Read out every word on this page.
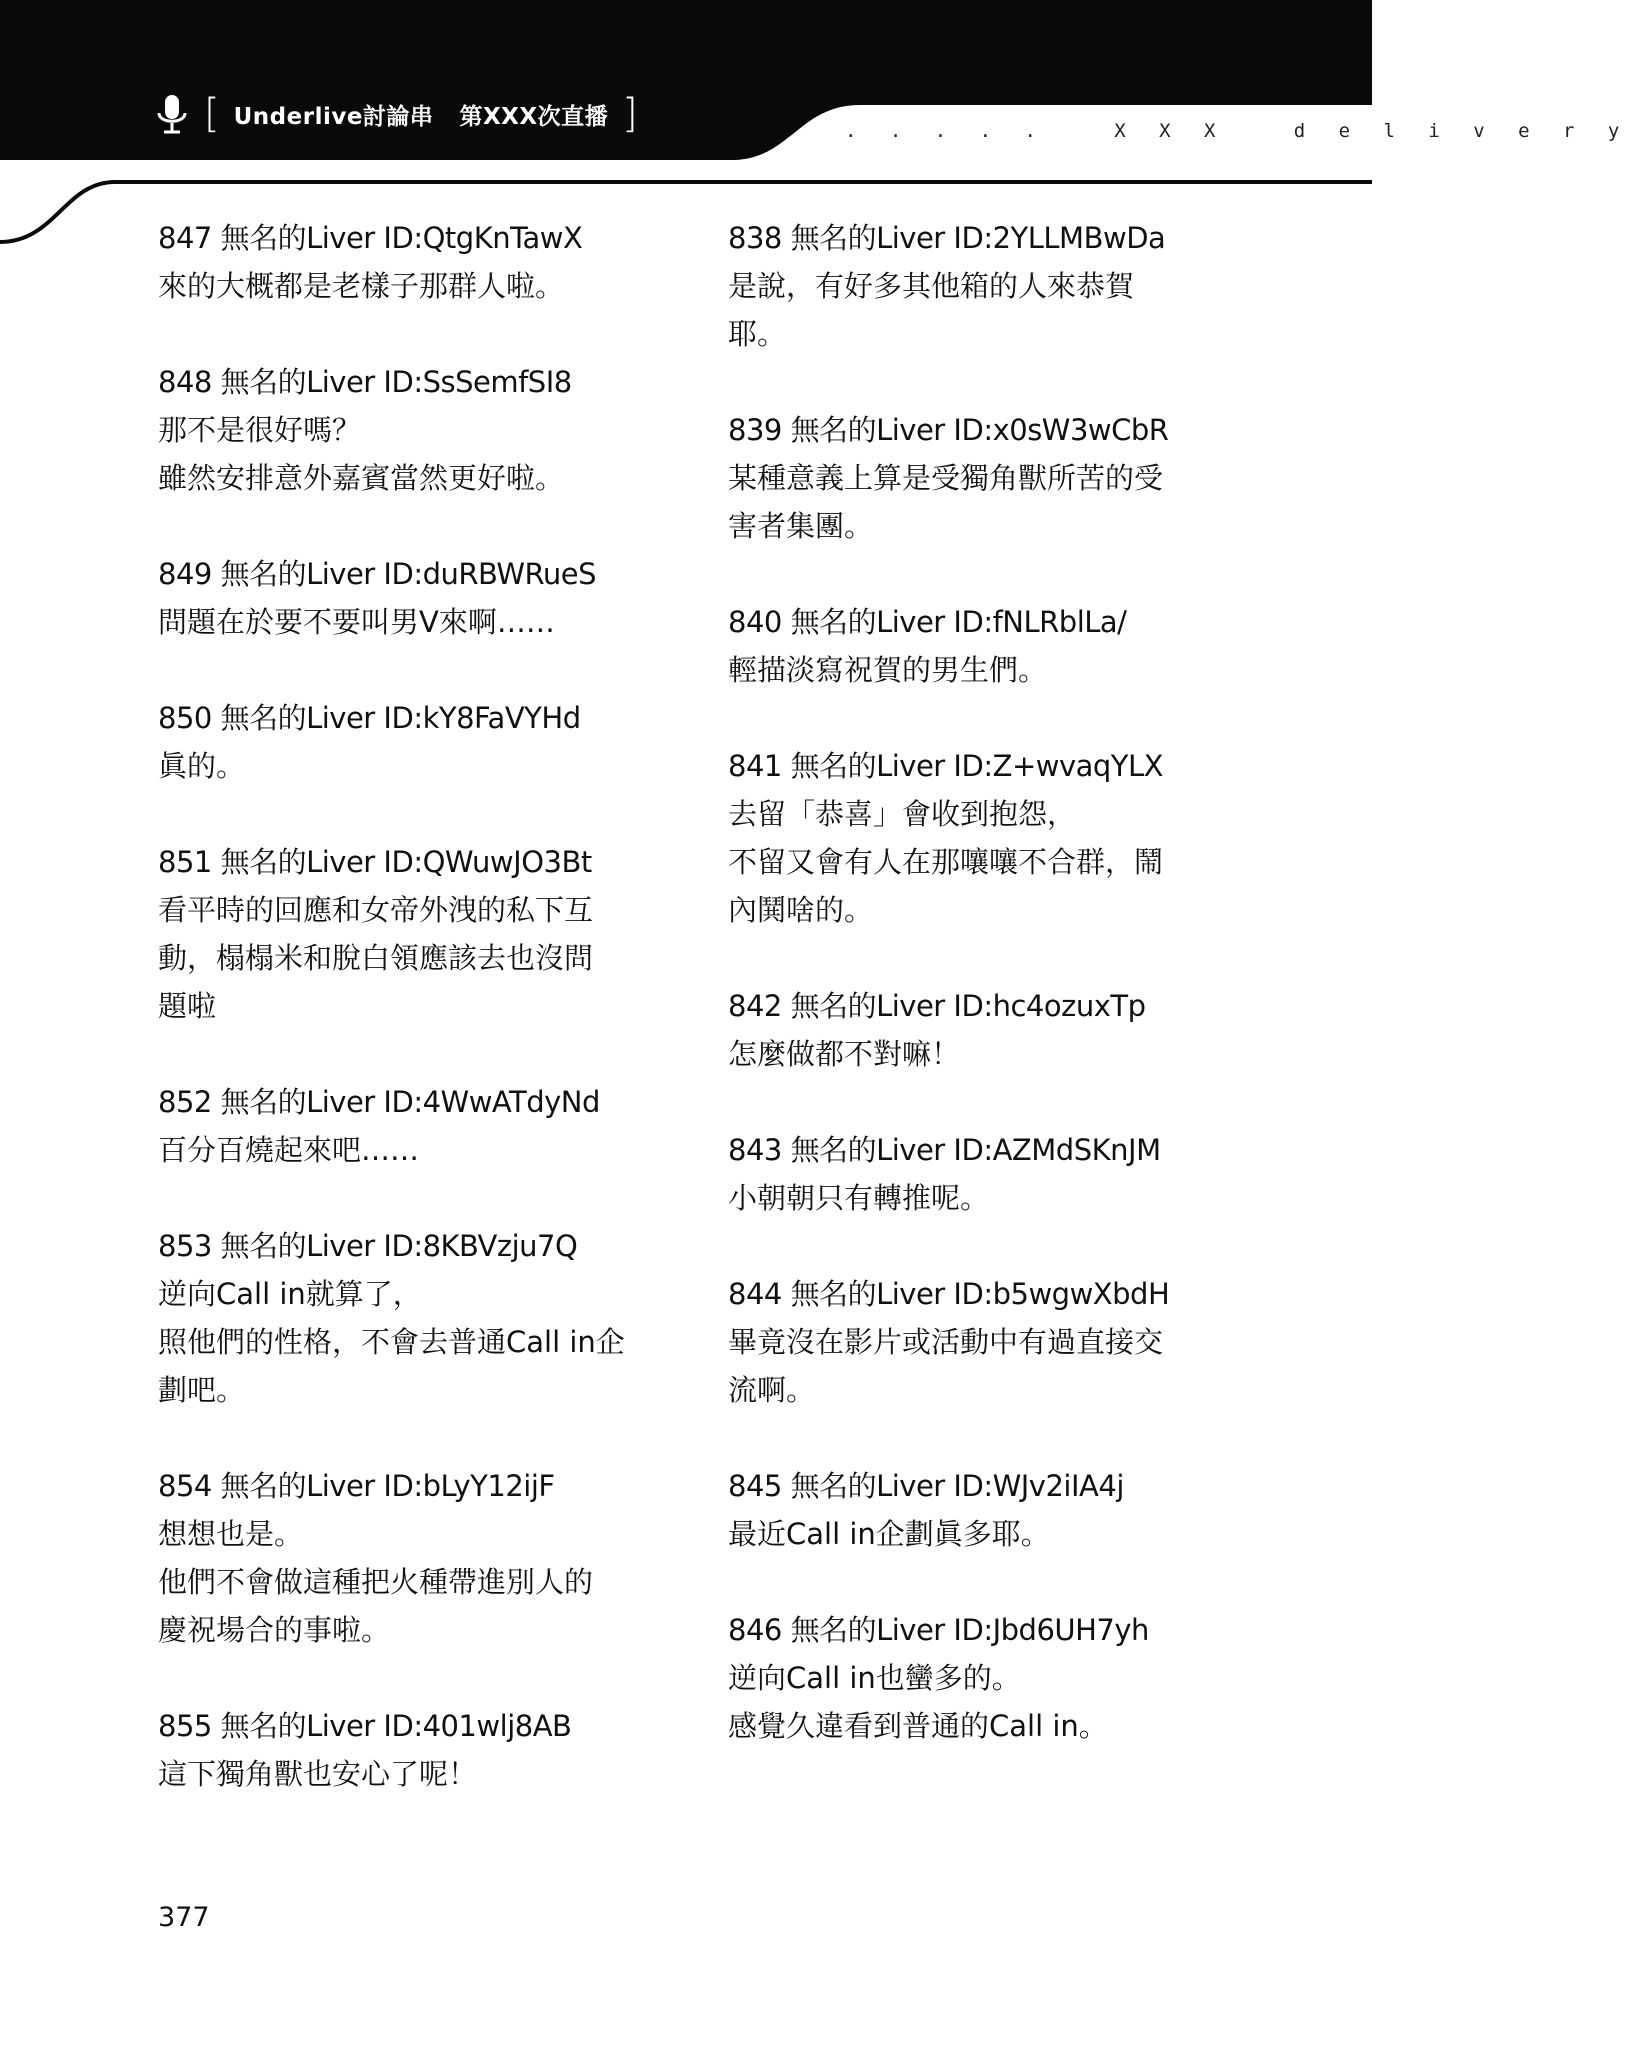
[ Underlive討論串 第XXX次直播 ]	. . . . .   X X X   d e l i v e r y
847 無名的Liver ID:QtgKnTawX
來的大概都是老樣子那群人啦。
848 無名的Liver ID:SsSemfSI8
那不是很好嗎？
雖然安排意外嘉賓當然更好啦。
849 無名的Liver ID:duRBWRueS
問題在於要不要叫男V來啊……
850 無名的Liver ID:kY8FaVYHd
眞的。
851 無名的Liver ID:QWuwJO3Bt
看平時的回應和女帝外洩的私下互
動，榻榻米和脫白領應該去也沒問
題啦
852 無名的Liver ID:4WwATdyNd
百分百燒起來吧……
853 無名的Liver ID:8KBVzju7Q
逆向Call in就算了，
照他們的性格，不會去普通Call in企
劃吧。
854 無名的Liver ID:bLyY12ijF
想想也是。
他們不會做這種把火種帶進別人的
慶祝場合的事啦。
855 無名的Liver ID:401wlj8AB
這下獨角獸也安心了呢！
838 無名的Liver ID:2YLLMBwDa
是說，有好多其他箱的人來恭賀
耶。
839 無名的Liver ID:x0sW3wCbR
某種意義上算是受獨角獸所苦的受
害者集團。
840 無名的Liver ID:fNLRblLa/
輕描淡寫祝賀的男生們。
841 無名的Liver ID:Z+wvaqYLX
去留「恭喜」會收到抱怨，
不留又會有人在那嚷嚷不合群，鬧
內鬨啥的。
842 無名的Liver ID:hc4ozuxTp
怎麼做都不對嘛！
843 無名的Liver ID:AZMdSKnJM
小朝朝只有轉推呢。
844 無名的Liver ID:b5wgwXbdH
畢竟沒在影片或活動中有過直接交
流啊。
845 無名的Liver ID:WJv2iIA4j
最近Call in企劃眞多耶。
846 無名的Liver ID:Jbd6UH7yh
逆向Call in也蠻多的。
感覺久違看到普通的Call in。
377
